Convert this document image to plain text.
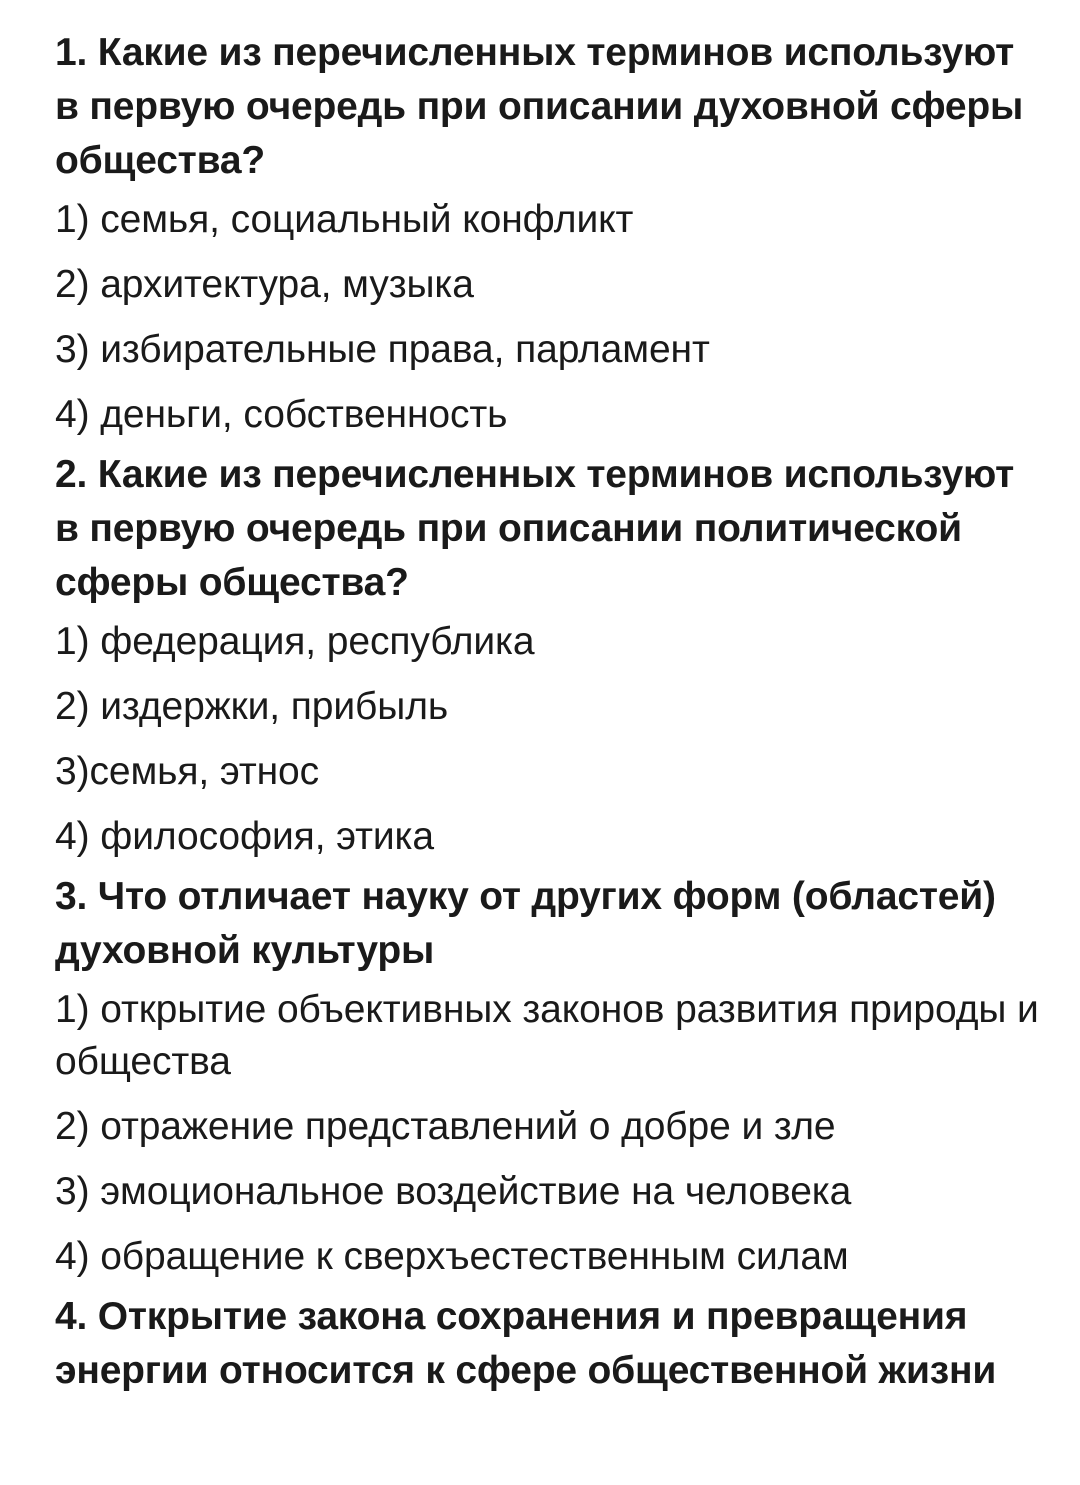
1. Какие из перечисленных терминов используют в первую очередь при описании духовной сферы общества?

1) семья, социальный конфликт
2) архитектура, музыка
3) избирательные права, парламент
4) деньги, собственность

2. Какие из перечисленных терминов используют в первую очередь при описании политической сферы общества?

1) федерация, республика
2) издержки, прибыль
3)семья, этнос
4) философия, этика

3. Что отличает науку от других форм (областей) духовной культуры

1) открытие объективных законов развития природы и общества
2) отражение представлений о добре и зле
3) эмоциональное воздействие на человека
4) обращение к сверхъестественным силам

4. Открытие закона сохранения и превращения энергии относится к сфере общественной жизни
